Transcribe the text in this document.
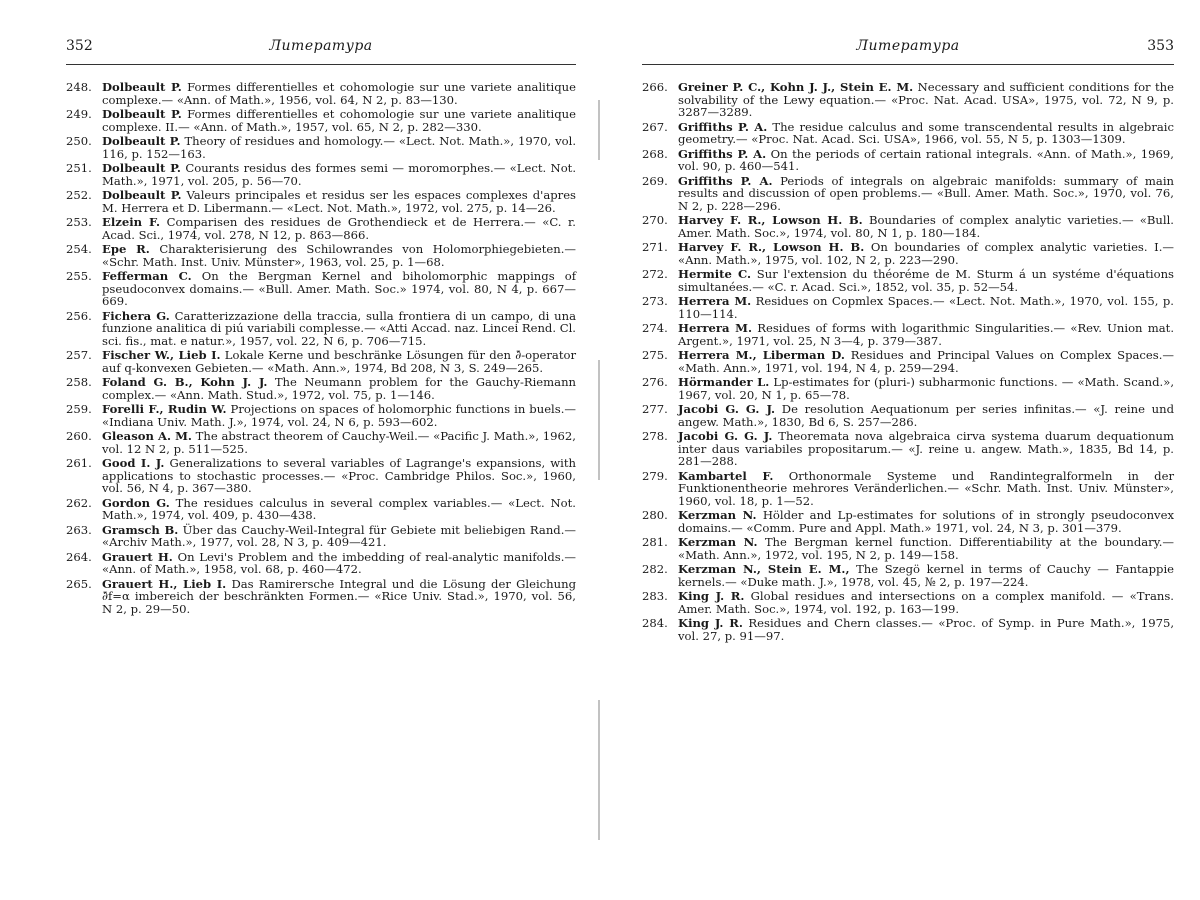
352	Литература
248. Dolbeault P. Formes differentielles et cohomologie sur une variete analitique complexe.— «Ann. of Math.», 1956, vol. 64, N 2, p. 83—130.
249. Dolbeault P. Formes differentielles et cohomologie sur une variete analitique complexe. II.— «Ann. of Math.», 1957, vol. 65, N 2, p. 282—330.
250. Dolbeault P. Theory of residues and homology.— «Lect. Not. Math.», 1970, vol. 116, p. 152—163.
251. Dolbeault P. Courants residus des formes semi — moromorphes.— «Lect. Not. Math.», 1971, vol. 205, p. 56—70.
252. Dolbeault P. Valeurs principales et residus ser les espaces complexes d'apres M. Herrera et D. Libermann.— «Lect. Not. Math.», 1972, vol. 275, p. 14—26.
253. Elzein F. Comparisen des residues de Grothendieck et de Herrera.— «C. r. Acad. Sci., 1974, vol. 278, N 12, p. 863—866.
254. Epe R. Charakterisierung des Schilowrandes von Holomorphiegebieten.— «Schr. Math. Inst. Univ. Münster», 1963, vol. 25, p. 1—68.
255. Fefferman C. On the Bergman Kernel and biholomorphic mappings of pseudoconvex domains.— «Bull. Amer. Math. Soc.» 1974, vol. 80, N 4, p. 667—669.
256. Fichera G. Caratterizzazione della traccia, sulla frontiera di un campo, di una funzione analitica di piú variabili complesse.— «Atti Accad. naz. Lincei Rend. Cl. sci. fis., mat. e natur.», 1957, vol. 22, N 6, p. 706—715.
257. Fischer W., Lieb I. Lokale Kerne und beschränke Lösungen für den ∂̄-operator auf q-konvexen Gebieten.— «Math. Ann.», 1974, Bd 208, N 3, S. 249—265.
258. Foland G. B., Kohn J. J. The Neumann problem for the Gauchy-Riemann complex.— «Ann. Math. Stud.», 1972, vol. 75, p. 1—146.
259. Forelli F., Rudin W. Projections on spaces of holomorphic functions in buels.— «Indiana Univ. Math. J.», 1974, vol. 24, N 6, p. 593—602.
260. Gleason A. M. The abstract theorem of Cauchy-Weil.— «Pacific J. Math.», 1962, vol. 12 N 2, p. 511—525.
261. Good I. J. Generalizations to several variables of Lagrange's expansions, with applications to stochastic processes.— «Proc. Cambridge Philos. Soc.», 1960, vol. 56, N 4, p. 367—380.
262. Gordon G. The residues calculus in several complex variables.— «Lect. Not. Math.», 1974, vol. 409, p. 430—438.
263. Gramsch B. Über das Cauchy-Weil-Integral für Gebiete mit beliebigen Rand.— «Archiv Math.», 1977, vol. 28, N 3, p. 409—421.
264. Grauert H. On Levi's Problem and the imbedding of real-analytic manifolds.— «Ann. of Math.», 1958, vol. 68, p. 460—472.
265. Grauert H., Lieb I. Das Ramirersche Integral und die Lösung der Gleichung ∂̄f=α imbereich der beschränkten Formen.— «Rice Univ. Stad.», 1970, vol. 56, N 2, p. 29—50.
Литература	353
266. Greiner P. C., Kohn J. J., Stein E. M. Necessary and sufficient conditions for the solvability of the Lewy equation.— «Proc. Nat. Acad. USA», 1975, vol. 72, N 9, p. 3287—3289.
267. Griffiths P. A. The residue calculus and some transcendental results in algebraic geometry.— «Proc. Nat. Acad. Sci. USA», 1966, vol. 55, N 5, p. 1303—1309.
268. Griffiths P. A. On the periods of certain rational integrals. «Ann. of Math.», 1969, vol. 90, p. 460—541.
269. Griffiths P. A. Periods of integrals on algebraic manifolds: summary of main results and discussion of open problems.— «Bull. Amer. Math. Soc.», 1970, vol. 76, N 2, p. 228—296.
270. Harvey F. R., Lowson H. B. Boundaries of complex analytic varieties.— «Bull. Amer. Math. Soc.», 1974, vol. 80, N 1, p. 180—184.
271. Harvey F. R., Lowson H. B. On boundaries of complex analytic varieties. I.— «Ann. Math.», 1975, vol. 102, N 2, p. 223—290.
272. Hermite C. Sur l'extension du théoréme de M. Sturm á un systéme d'équations simultanées.— «C. r. Acad. Sci.», 1852, vol. 35, p. 52—54.
273. Herrera M. Residues on Copmlex Spaces.— «Lect. Not. Math.», 1970, vol. 155, p. 110—114.
274. Herrera M. Residues of forms with logarithmic Singularities.— «Rev. Union mat. Argent.», 1971, vol. 25, N 3—4, p. 379—387.
275. Herrera M., Liberman D. Residues and Principal Values on Complex Spaces.— «Math. Ann.», 1971, vol. 194, N 4, p. 259—294.
276. Hörmander L. Lp-estimates for (pluri-) subharmonic functions. — «Math. Scand.», 1967, vol. 20, N 1, p. 65—78.
277. Jacobi G. G. J. De resolution Aequationum per series infinitas.— «J. reine und angew. Math.», 1830, Bd 6, S. 257—286.
278. Jacobi G. G. J. Theoremata nova algebraica cirva systema duarum dequationum inter daus variabiles propositarum.— «J. reine u. angew. Math.», 1835, Bd 14, p. 281—288.
279. Kambartel F. Orthonormale Systeme und Randintegralformeln in der Funktionentheorie mehrores Veränderlichen.— «Schr. Math. Inst. Univ. Münster», 1960, vol. 18, p. 1—52.
280. Kerzman N. Hölder and Lp-estimates for solutions of in strongly pseudoconvex domains.— «Comm. Pure and Appl. Math.» 1971, vol. 24, N 3, p. 301—379.
281. Kerzman N. The Bergman kernel function. Differentiability at the boundary.— «Math. Ann.», 1972, vol. 195, N 2, p. 149—158.
282. Kerzman N., Stein E. M., The Szegö kernel in terms of Cauchy — Fantappie kernels.— «Duke math. J.», 1978, vol. 45, № 2, p. 197—224.
283. King J. R. Global residues and intersections on a complex manifold. — «Trans. Amer. Math. Soc.», 1974, vol. 192, p. 163—199.
284. King J. R. Residues and Chern classes.— «Proc. of Symp. in Pure Math.», 1975, vol. 27, p. 91—97.
